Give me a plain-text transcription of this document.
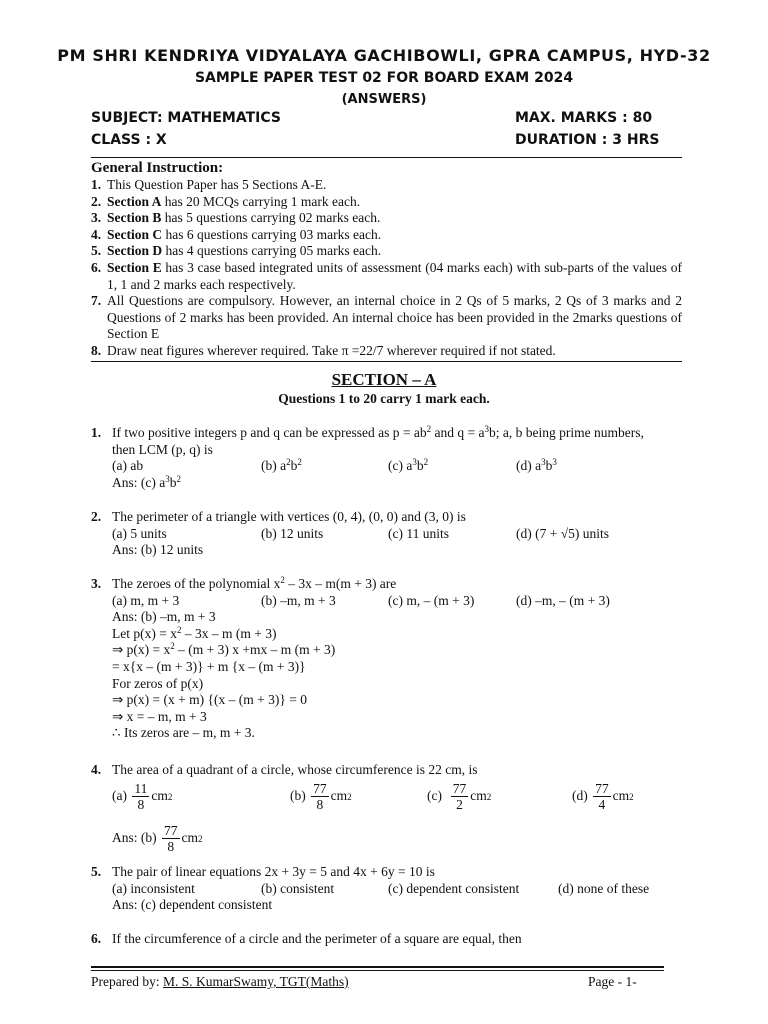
PM SHRI KENDRIYA VIDYALAYA GACHIBOWLI, GPRA CAMPUS, HYD-32
SAMPLE PAPER TEST 02 FOR BOARD EXAM 2024
(ANSWERS)
SUBJECT: MATHEMATICS	MAX. MARKS : 80
CLASS : X	DURATION : 3 HRS
General Instruction:
1. This Question Paper has 5 Sections A-E.
2. Section A has 20 MCQs carrying 1 mark each.
3. Section B has 5 questions carrying 02 marks each.
4. Section C has 6 questions carrying 03 marks each.
5. Section D has 4 questions carrying 05 marks each.
6. Section E has 3 case based integrated units of assessment (04 marks each) with sub-parts of the values of 1, 1 and 2 marks each respectively.
7. All Questions are compulsory. However, an internal choice in 2 Qs of 5 marks, 2 Qs of 3 marks and 2 Questions of 2 marks has been provided. An internal choice has been provided in the 2marks questions of Section E
8. Draw neat figures wherever required. Take π =22/7 wherever required if not stated.
SECTION – A
Questions 1 to 20 carry 1 mark each.
1. If two positive integers p and q can be expressed as $p = ab^2$ and $q = a^3b$; a, b being prime numbers,
then LCM (p, q) is
(a) ab	(b) $a^2b^2$	(c) $a^3b^2$	(d) $a^3b^3$
Ans: (c) $a^3b^2$
2. The perimeter of a triangle with vertices (0, 4), (0, 0) and (3, 0) is
(a) 5 units	(b) 12 units	(c) 11 units	(d) (7 + √5) units
Ans: (b) 12 units
3. The zeroes of the polynomial $x^2 - 3x - m(m + 3)$ are
(a) m, m + 3	(b) –m, m + 3	(c) m, – (m + 3)	(d) –m, – (m + 3)
Ans: (b) –m, m + 3
Let $p(x) = x^2 - 3x - m$ (m + 3)
⇒ $p(x) = x^2 - (m + 3)$ x +mx – m (m + 3)
= x{x – (m + 3)} + m {x – (m + 3)}
For zeros of p(x)
⇒ p(x) = (x + m) {(x – (m + 3)} = 0
⇒ x = – m, m + 3
∴ Its zeros are – m, m + 3.
4. The area of a quadrant of a circle, whose circumference is 22 cm, is
(a)
$\frac{11}{8}$ cm 2	(b)
$\frac{77}{8}$ cm 2	(c)
$\frac{77}{2}$ cm 2	(d)
$\frac{77}{4}$ cm 2
Ans: (b)
$\frac{77}{8}$ cm 2
5. The pair of linear equations 2x + 3y = 5 and 4x + 6y = 10 is
(a) inconsistent	(b) consistent	(c) dependent consistent	(d) none of these
Ans: (c) dependent consistent
6. If the circumference of a circle and the perimeter of a square are equal, then
Prepared by: M. S. KumarSwamy, TGT(Maths)	Page - 1-
